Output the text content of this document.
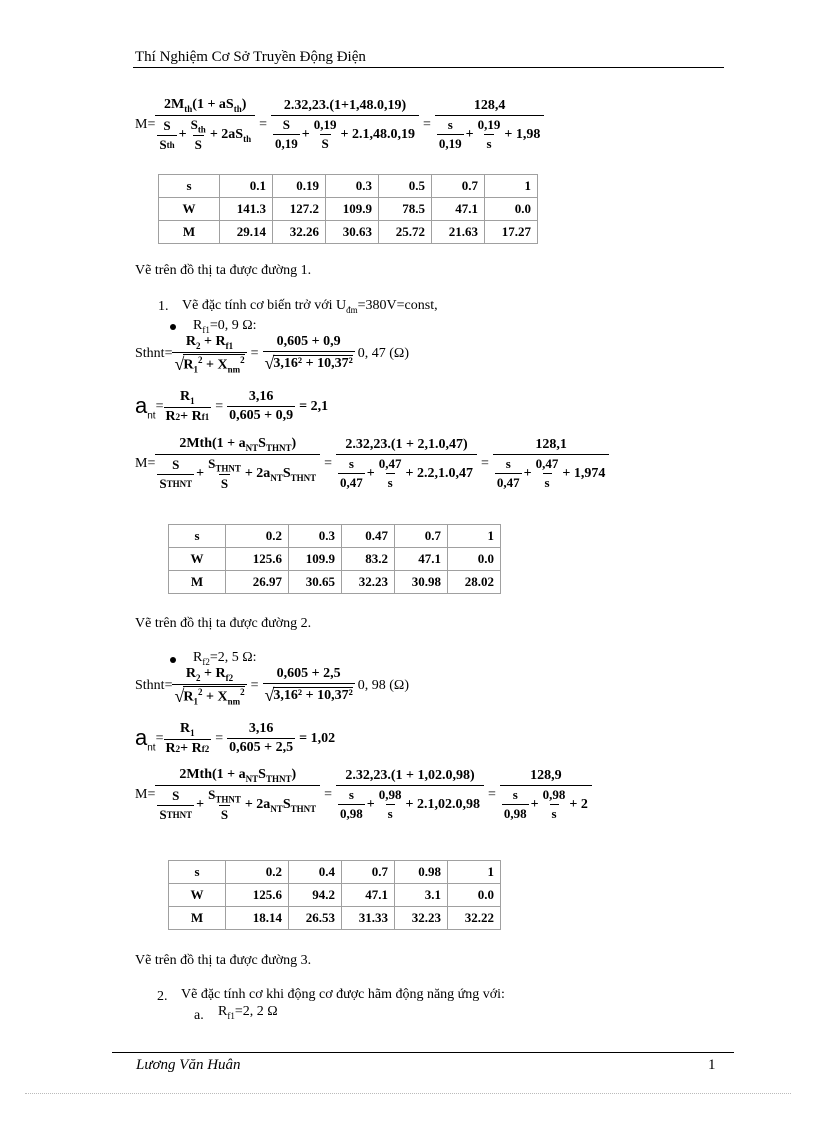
Thí Nghiệm Cơ Sở Truyền Động Điện
$M= \frac{2M_{th}(1 + aS_{th})}{\frac{S}{\text{S th}} + \frac{S_{th}}{S} + 2aS_{th}} = \frac{2.32,23.(1+1,48.0,19)}{\frac{S}{0,19} + \frac{0,19}{S} + 2.1,48.0,19} = \frac{128,4}{\frac{s}{0,19} + \frac{0,19}{s} + 1,98}$
s	0.1	0.19	0.3	0.5	0.7	1
W	141.3	127.2	109.9	78.5	47.1	0.0
M	29.14	32.26	30.63	25.72	21.63	17.27
Vẽ trên đồ thị ta được đường 1.
1. Vẽ đặc tính cơ biến trở với $U_{đm}=380V=const$,
$R_{f1}=0$, 9 Ω:
Sthnt= $\frac{R_2 + R_{f1}}{√ R_1^2 + X_{nm}^2} = \frac{0,605 + 0,9}{\text{√ 3,16² + 10,37²}} 0$, 47 (Ω)
$a_{nt}$
= $\frac{R_1}{\text{R 2 + R f1}} = \frac{3,16}{0,605 + 0,9} = 2,1$
$M= \frac{2Mth(1 + a_{NT}S_{THNT})}{\frac{S}{\text{S THNT}} + \frac{S_{THNT}}{S} + 2a_{NT}S_{THNT}} = \frac{2.32,23.(1 + 2,1.0,47)}{\frac{s}{0,47} + \frac{0,47}{s} + 2.2,1.0,47} = \frac{128,1}{\frac{s}{0,47} + \frac{0,47}{s} + 1,974}$
s	0.2	0.3	0.47	0.7	1
W	125.6	109.9	83.2	47.1	0.0
M	26.97	30.65	32.23	30.98	28.02
Vẽ trên đồ thị ta được đường 2.
$R_{f2}=2$, 5 Ω:
Sthnt= $\frac{R_2 + R_{f2}}{√ R_1^2 + X_{nm}^2} = \frac{0,605 + 2,5}{\text{√ 3,16² + 10,37²}} 0$, 98 (Ω)
$a_{nt}$
= $\frac{R_1}{\text{R 2 + R f2}} = \frac{3,16}{0,605 + 2,5} = 1,02$
$M= \frac{2Mth(1 + a_{NT}S_{THNT})}{\frac{S}{\text{S THNT}} + \frac{S_{THNT}}{S} + 2a_{NT}S_{THNT}} = \frac{2.32,23.(1 + 1,02.0,98)}{\frac{s}{0,98} + \frac{0,98}{s} + 2.1,02.0,98} = \frac{128,9}{\frac{s}{0,98} + \frac{0,98}{s} + 2}$
s	0.2	0.4	0.7	0.98	1
W	125.6	94.2	47.1	3.1	0.0
M	18.14	26.53	31.33	32.23	32.22
Vẽ trên đồ thị ta được đường 3.
2. Vẽ đặc tính cơ khi động cơ được hãm động năng ứng với:
a. $R_{f1}=2$, 2 Ω
Lương Văn Huân	1
